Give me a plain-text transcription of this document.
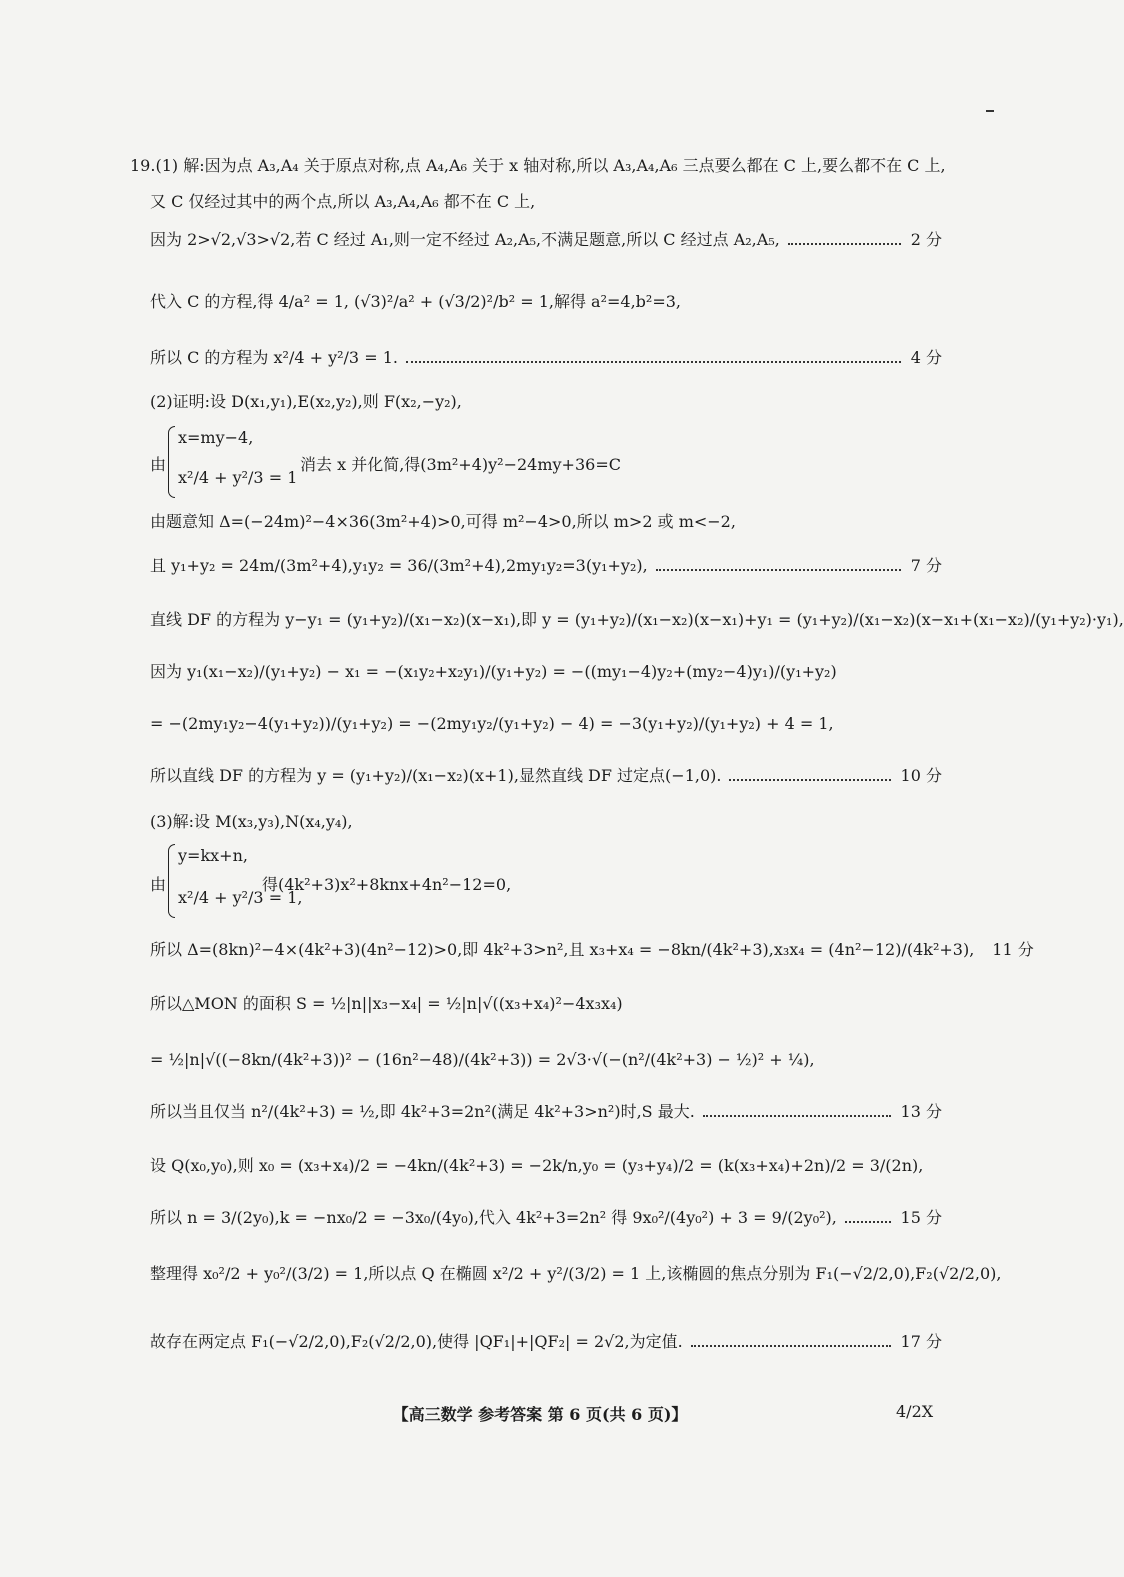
19.(1) 解:因为点 A₃,A₄ 关于原点对称,点 A₄,A₆ 关于 x 轴对称,所以 A₃,A₄,A₆ 三点要么都在 C 上,要么都不在 C 上,
又 C 仅经过其中的两个点,所以 A₃,A₄,A₆ 都不在 C 上,
因为 2>√2,√3>√2,若 C 经过 A₁,则一定不经过 A₂,A₅,不满足题意,所以 C 经过点 A₂,A₅,	2 分
代入 C 的方程,得 4/a² = 1, (√3)²/a² + (√3/2)²/b² = 1,解得 a²=4,b²=3,
所以 C 的方程为 x²/4 + y²/3 = 1.	4 分
(2)证明:设 D(x₁,y₁),E(x₂,y₂),则 F(x₂,−y₂),
由
x=my−4,
x²/4 + y²/3 = 1
消去 x 并化简,得(3m²+4)y²−24my+36=C
由题意知 Δ=(−24m)²−4×36(3m²+4)>0,可得 m²−4>0,所以 m>2 或 m<−2,
且 y₁+y₂ = 24m/(3m²+4),y₁y₂ = 36/(3m²+4),2my₁y₂=3(y₁+y₂),	7 分
直线 DF 的方程为 y−y₁ = (y₁+y₂)/(x₁−x₂)(x−x₁),即 y = (y₁+y₂)/(x₁−x₂)(x−x₁)+y₁ = (y₁+y₂)/(x₁−x₂)(x−x₁+(x₁−x₂)/(y₁+y₂)·y₁),
因为 y₁(x₁−x₂)/(y₁+y₂) − x₁ = −(x₁y₂+x₂y₁)/(y₁+y₂) = −((my₁−4)y₂+(my₂−4)y₁)/(y₁+y₂)
= −(2my₁y₂−4(y₁+y₂))/(y₁+y₂) = −(2my₁y₂/(y₁+y₂) − 4) = −3(y₁+y₂)/(y₁+y₂) + 4 = 1,
所以直线 DF 的方程为 y = (y₁+y₂)/(x₁−x₂)(x+1),显然直线 DF 过定点(−1,0).	10 分
(3)解:设 M(x₃,y₃),N(x₄,y₄),
由
y=kx+n,
x²/4 + y²/3 = 1,
得(4k²+3)x²+8knx+4n²−12=0,
所以 Δ=(8kn)²−4×(4k²+3)(4n²−12)>0,即 4k²+3>n²,且 x₃+x₄ = −8kn/(4k²+3),x₃x₄ = (4n²−12)/(4k²+3), 11 分
所以△MON 的面积 S = ½|n||x₃−x₄| = ½|n|√((x₃+x₄)²−4x₃x₄)
= ½|n|√((−8kn/(4k²+3))² − (16n²−48)/(4k²+3)) = 2√3·√(−(n²/(4k²+3) − ½)² + ¼),
所以当且仅当 n²/(4k²+3) = ½,即 4k²+3=2n²(满足 4k²+3>n²)时,S 最大.	13 分
设 Q(x₀,y₀),则 x₀ = (x₃+x₄)/2 = −4kn/(4k²+3) = −2k/n,y₀ = (y₃+y₄)/2 = (k(x₃+x₄)+2n)/2 = 3/(2n),
所以 n = 3/(2y₀),k = −nx₀/2 = −3x₀/(4y₀),代入 4k²+3=2n² 得 9x₀²/(4y₀²) + 3 = 9/(2y₀²),	15 分
整理得 x₀²/2 + y₀²/(3/2) = 1,所以点 Q 在椭圆 x²/2 + y²/(3/2) = 1 上,该椭圆的焦点分别为 F₁(−√2/2,0),F₂(√2/2,0),
故存在两定点 F₁(−√2/2,0),F₂(√2/2,0),使得 |QF₁|+|QF₂| = 2√2,为定值.	17 分
【高三数学 参考答案 第 6 页(共 6 页)】	4/2X
